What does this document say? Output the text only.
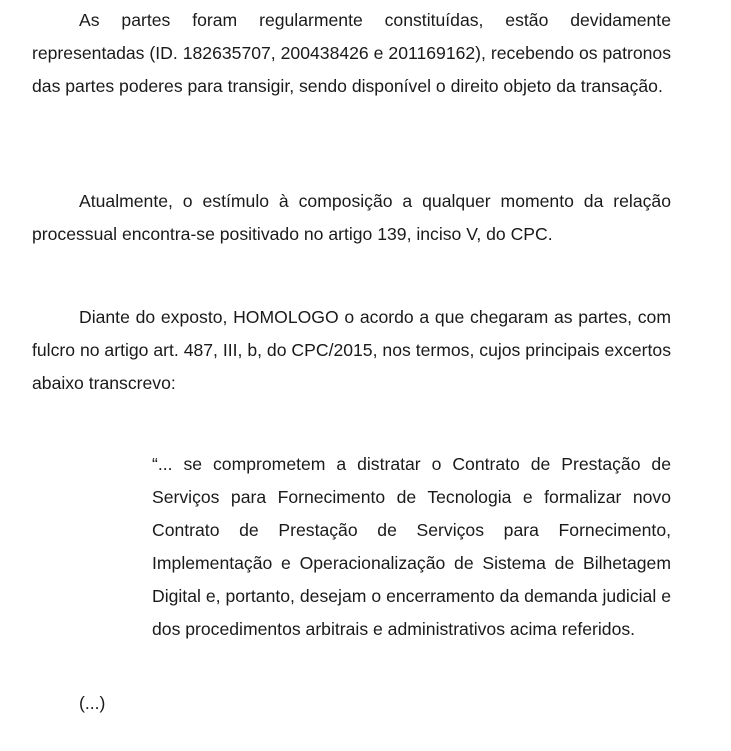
As partes foram regularmente constituídas, estão devidamente representadas (ID. 182635707, 200438426 e 201169162), recebendo os patronos das partes poderes para transigir, sendo disponível o direito objeto da transação.

Atualmente, o estímulo à composição a qualquer momento da relação processual encontra-se positivado no artigo 139, inciso V, do CPC.

Diante do exposto, HOMOLOGO o acordo a que chegaram as partes, com fulcro no artigo art. 487, III, b, do CPC/2015, nos termos, cujos principais excertos abaixo transcrevo:

“... se comprometem a distratar o Contrato de Prestação de Serviços para Fornecimento de Tecnologia e formalizar novo Contrato de Prestação de Serviços para Fornecimento, Implementação e Operacionalização de Sistema de Bilhetagem Digital e, portanto, desejam o encerramento da demanda judicial e dos procedimentos arbitrais e administrativos acima referidos.

(...)
